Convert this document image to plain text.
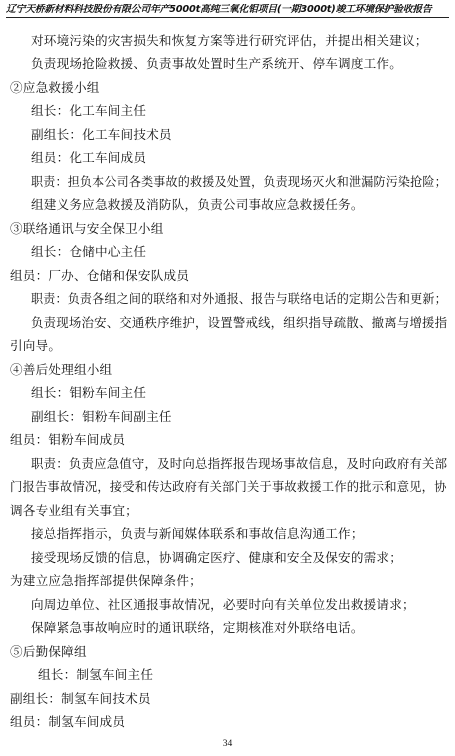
辽宁天桥新材料科技股份有限公司年产5000t高纯三氧化钼项目(一期3000t)竣工环境保护验收报告
对环境污染的灾害损失和恢复方案等进行研究评估，并提出相关建议；
负责现场抢险救援、负责事故处置时生产系统开、停车调度工作。
②应急救援小组
组长：化工车间主任
副组长：化工车间技术员
组员：化工车间成员
职责：担负本公司各类事故的救援及处置，负责现场灭火和泄漏防污染抢险；
组建义务应急救援及消防队，负责公司事故应急救援任务。
③联络通讯与安全保卫小组
组长：仓储中心主任
组员：厂办、仓储和保安队成员
职责：负责各组之间的联络和对外通报、报告与联络电话的定期公告和更新；
负责现场治安、交通秩序维护，设置警戒线，组织指导疏散、撤离与增援指
引向导。
④善后处理组小组
组长：钼粉车间主任
副组长：钼粉车间副主任
组员：钼粉车间成员
职责：负责应急值守，及时向总指挥报告现场事故信息，及时向政府有关部
门报告事故情况，接受和传达政府有关部门关于事故救援工作的批示和意见，协
调各专业组有关事宜；
接总指挥指示，负责与新闻媒体联系和事故信息沟通工作；
接受现场反馈的信息，协调确定医疗、健康和安全及保安的需求；
为建立应急指挥部提供保障条件；
向周边单位、社区通报事故情况，必要时向有关单位发出救援请求；
保障紧急事故响应时的通讯联络，定期核准对外联络电话。
⑤后勤保障组
组长：制氢车间主任
副组长：制氢车间技术员
组员：制氢车间成员
34
